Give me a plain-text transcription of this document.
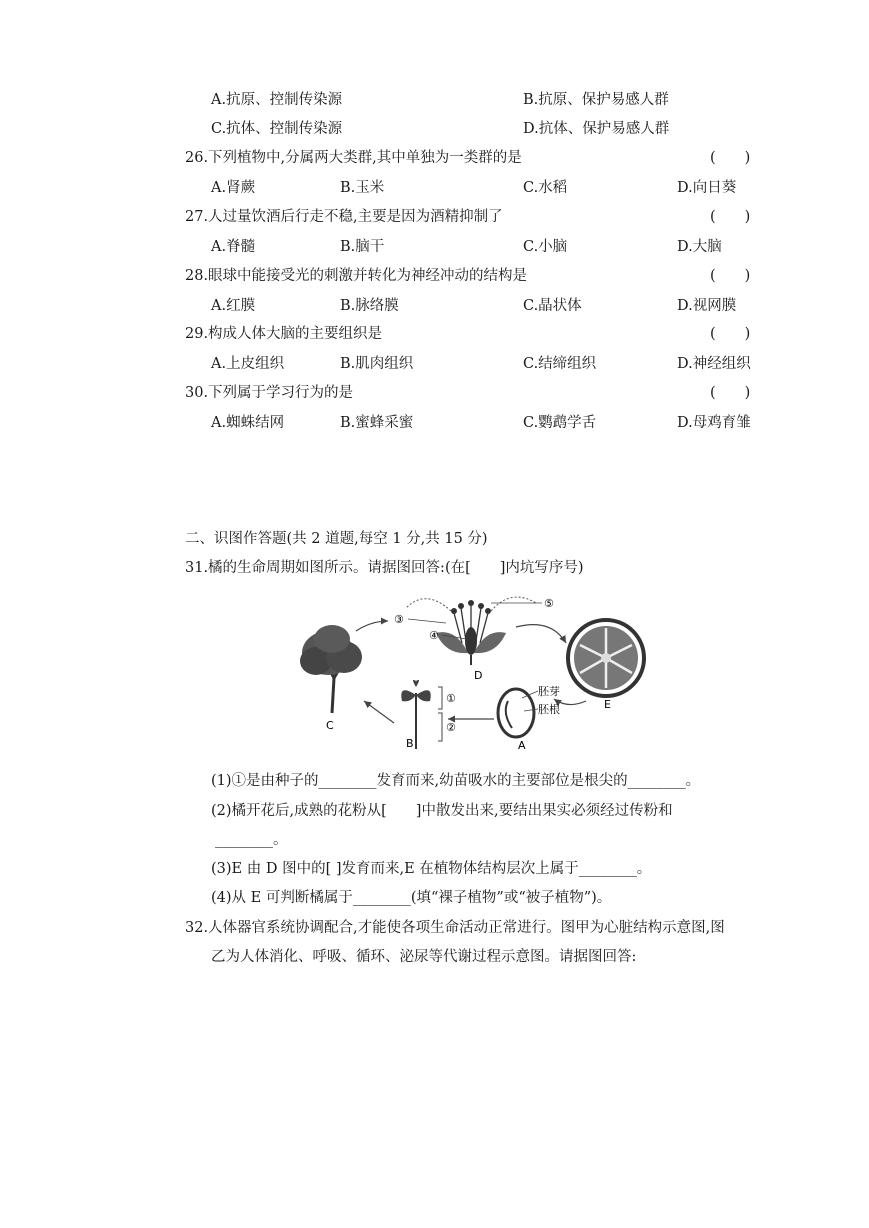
A.抗原、控制传染源	B.抗原、保护易感人群
C.抗体、控制传染源	D.抗体、保护易感人群
26.下列植物中,分属两大类群,其中单独为一类群的是	(　　)
A.肾蕨	B.玉米	C.水稻	D.向日葵
27.人过量饮酒后行走不稳,主要是因为酒精抑制了	(　　)
A.脊髓	B.脑干	C.小脑	D.大脑
28.眼球中能接受光的刺激并转化为神经冲动的结构是	(　　)
A.红膜	B.脉络膜	C.晶状体	D.视网膜
29.构成人体大脑的主要组织是	(　　)
A.上皮组织	B.肌肉组织	C.结缔组织	D.神经组织
30.下列属于学习行为的是	(　　)
A.蜘蛛结网	B.蜜蜂采蜜	C.鹦鹉学舌	D.母鸡育雏
二、识图作答题(共 2 道题,每空 1 分,共 15 分)
31.橘的生命周期如图所示。请据图回答:(在[　　]内坑写序号)
C
D
③
④
⑤
E
胚芽
胚根
A
①
②
B
(1)①是由种子的________发育而来,幼苗吸水的主要部位是根尖的________。
(2)橘开花后,成熟的花粉从[　　]中散发出来,要结出果实必须经过传粉和
________。
(3)E 由 D 图中的[ ]发育而来,E 在植物体结构层次上属于________。
(4)从 E 可判断橘属于________(填“裸子植物”或“被子植物”)。
32.人体器官系统协调配合,才能使各项生命活动正常进行。图甲为心脏结构示意图,图
乙为人体消化、呼吸、循环、泌尿等代谢过程示意图。请据图回答:
